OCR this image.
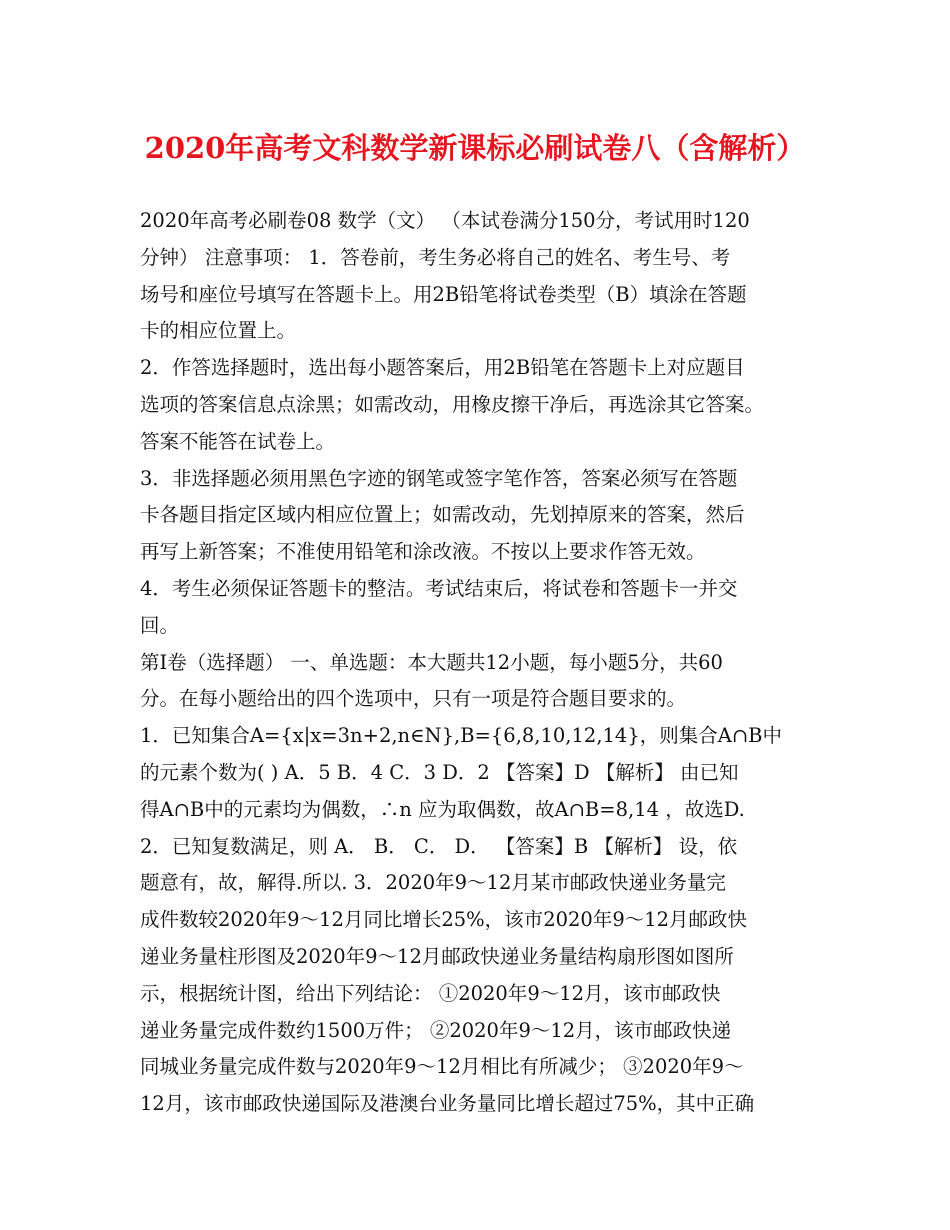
2020年高考文科数学新课标必刷试卷八（含解析）
2020年高考必刷卷08 数学（文） （本试卷满分150分，考试用时120
分钟） 注意事项： 1．答卷前，考生务必将自己的姓名、考生号、考
场号和座位号填写在答题卡上。用2B铅笔将试卷类型（B）填涂在答题
卡的相应位置上。
2．作答选择题时，选出每小题答案后，用2B铅笔在答题卡上对应题目
选项的答案信息点涂黑；如需改动，用橡皮擦干净后，再选涂其它答案。
答案不能答在试卷上。
3．非选择题必须用黑色字迹的钢笔或签字笔作答，答案必须写在答题
卡各题目指定区域内相应位置上；如需改动，先划掉原来的答案，然后
再写上新答案；不准使用铅笔和涂改液。不按以上要求作答无效。
4．考生必须保证答题卡的整洁。考试结束后，将试卷和答题卡一并交
回。
第Ⅰ卷（选择题） 一、单选题：本大题共12小题，每小题5分，共60
分。在每小题给出的四个选项中，只有一项是符合题目要求的。
1．已知集合A={x|x=3n+2,n∈N},B={6,8,10,12,14}，则集合A∩B中
的元素个数为( ) A．5 B．4 C．3 D．2 【答案】D 【解析】 由已知
得A∩B中的元素均为偶数，∴n 应为取偶数，故A∩B=8,14 ，故选D.
2．已知复数满足，则 A． B． C． D． 【答案】B 【解析】 设，依
题意有，故，解得.所以. 3．2020年9～12月某市邮政快递业务量完
成件数较2020年9～12月同比增长25%，该市2020年9～12月邮政快
递业务量柱形图及2020年9～12月邮政快递业务量结构扇形图如图所
示，根据统计图，给出下列结论： ①2020年9～12月，该市邮政快
递业务量完成件数约1500万件； ②2020年9～12月，该市邮政快递
同城业务量完成件数与2020年9～12月相比有所减少； ③2020年9～
12月，该市邮政快递国际及港澳台业务量同比增长超过75%，其中正确
